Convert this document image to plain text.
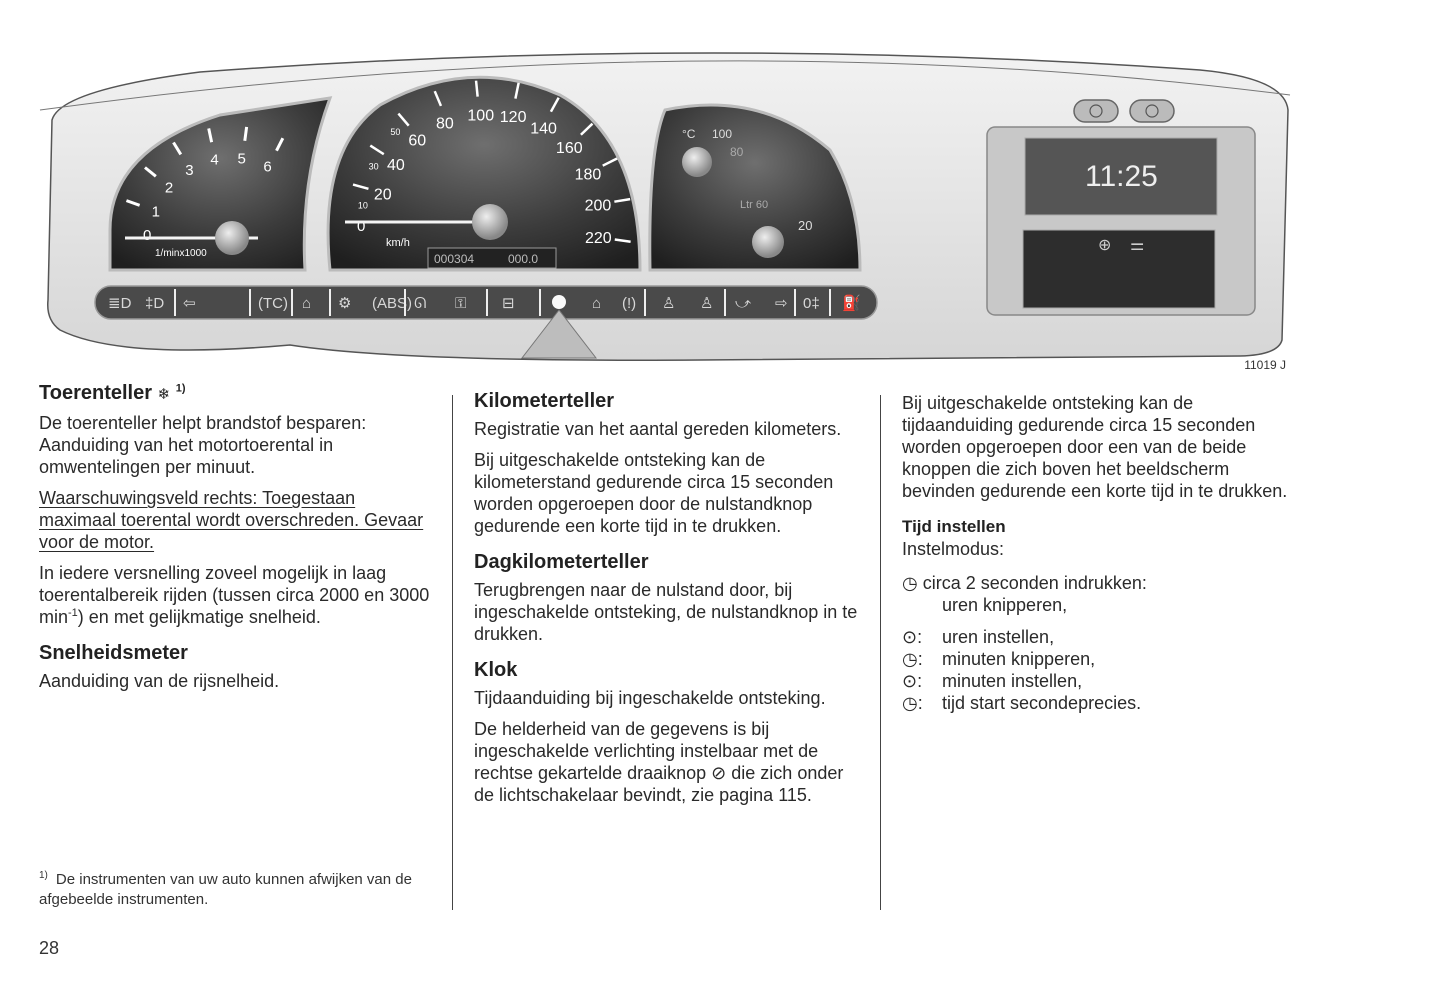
1
2
3
4 5 6
0
1/minx1000
20
40
60
80 100 120
140
160
180
200
220
10
30
50
0
km/h
000304	000.0
°C
80
100
Ltr 60
20
11:25
⊕ ⚌
≣D ‡D ⇦	(TC) ⌂ ⚙ (ABS) ᘏ ⚿ ⊟	⌂ (!) ♙ ♙ ⤻ ⇨ 0‡ ⛽
11019 J
Toerenteller ❄ $^{1)}$

De toerenteller helpt brandstof besparen: Aanduiding van het motortoerental in omwentelingen per minuut.

Waarschuwingsveld rechts: Toegestaan maximaal toerental wordt overschreden. Gevaar voor de motor.

In iedere versnelling zoveel mogelijk in laag toerentalbereik rijden (tussen circa 2000 en 3000 $\min^{-1}$) en met gelijkmatige snelheid.

Snelheidsmeter

Aanduiding van de rijsnelheid.

Kilometerteller

Registratie van het aantal gereden kilometers.

Bij uitgeschakelde ontsteking kan de kilometerstand gedurende circa 15 seconden worden opgeroepen door de nulstandknop gedurende een korte tijd in te drukken.

Dagkilometerteller

Terugbrengen naar de nulstand door, bij ingeschakelde ontsteking, de nulstandknop in te drukken.

Klok

Tijdaanduiding bij ingeschakelde ontsteking.

De helderheid van de gegevens is bij ingeschakelde verlichting instelbaar met de rechtse gekartelde draaiknop ⊘ die zich onder de lichtschakelaar bevindt, zie pagina 115.

Bij uitgeschakelde ontsteking kan de tijdaanduiding gedurende circa 15 seconden worden opgeroepen door een van de beide knoppen die zich boven het beeldscherm bevinden gedurende een korte tijd in te drukken.

Tijd instellen
Instelmodus:
◷ circa 2 seconden indrukken:
uren knipperen,
⊙:	uren instellen,
◷:	minuten knipperen,
⊙:	minuten instellen,
◷:	tijd start secondeprecies.
$^{1)}$ De instrumenten van uw auto kunnen afwijken van de afgebeelde instrumenten.
28
